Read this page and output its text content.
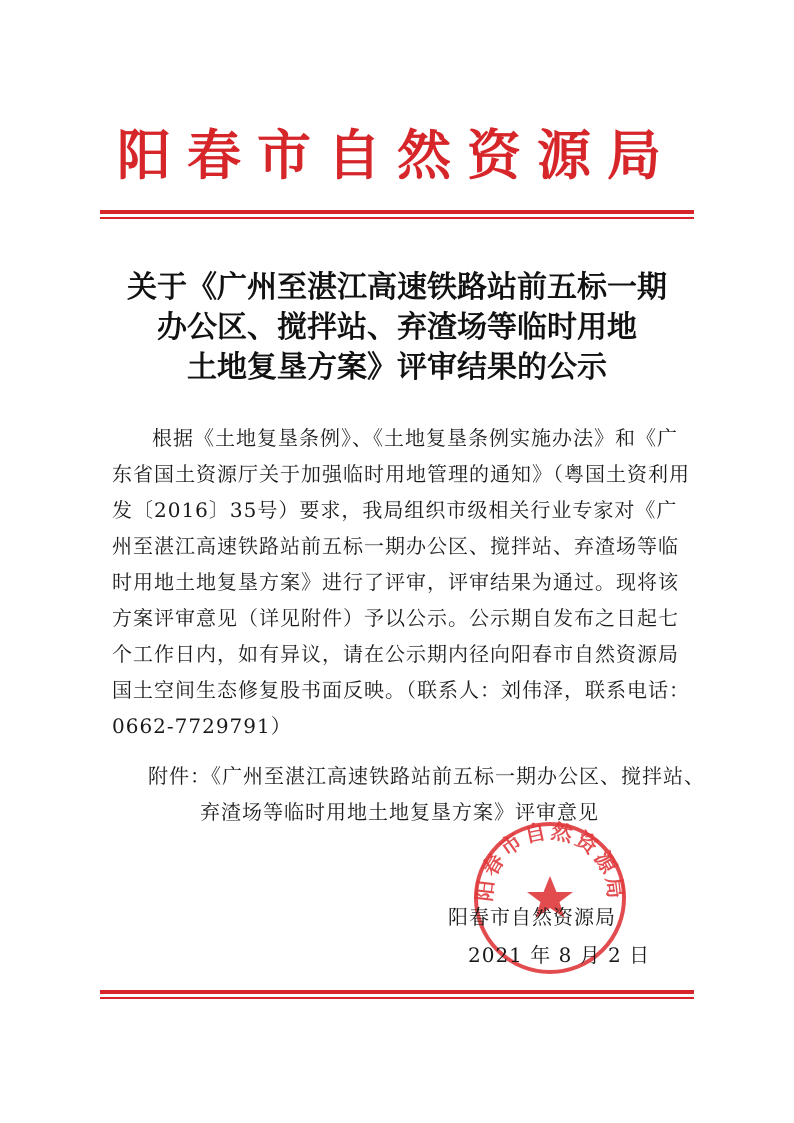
阳春市自然资源局
关于《广州至湛江高速铁路站前五标一期
办公区、搅拌站、弃渣场等临时用地
土地复垦方案》评审结果的公示

根据《土地复垦条例》、《土地复垦条例实施办法》和《广东省国土资源厅关于加强临时用地管理的通知》（粤国土资利用发〔2016〕35号）要求，我局组织市级相关行业专家对《广州至湛江高速铁路站前五标一期办公区、搅拌站、弃渣场等临时用地土地复垦方案》进行了评审，评审结果为通过。现将该方案评审意见（详见附件）予以公示。公示期自发布之日起七个工作日内，如有异议，请在公示期内径向阳春市自然资源局国土空间生态修复股书面反映。（联系人：刘伟泽，联系电话：0662-7729791）

附件：《广州至湛江高速铁路站前五标一期办公区、搅拌站、
弃渣场等临时用地土地复垦方案》评审意见
阳春市自然资源局
阳春市自然资源局
2021 年 8 月 2 日
